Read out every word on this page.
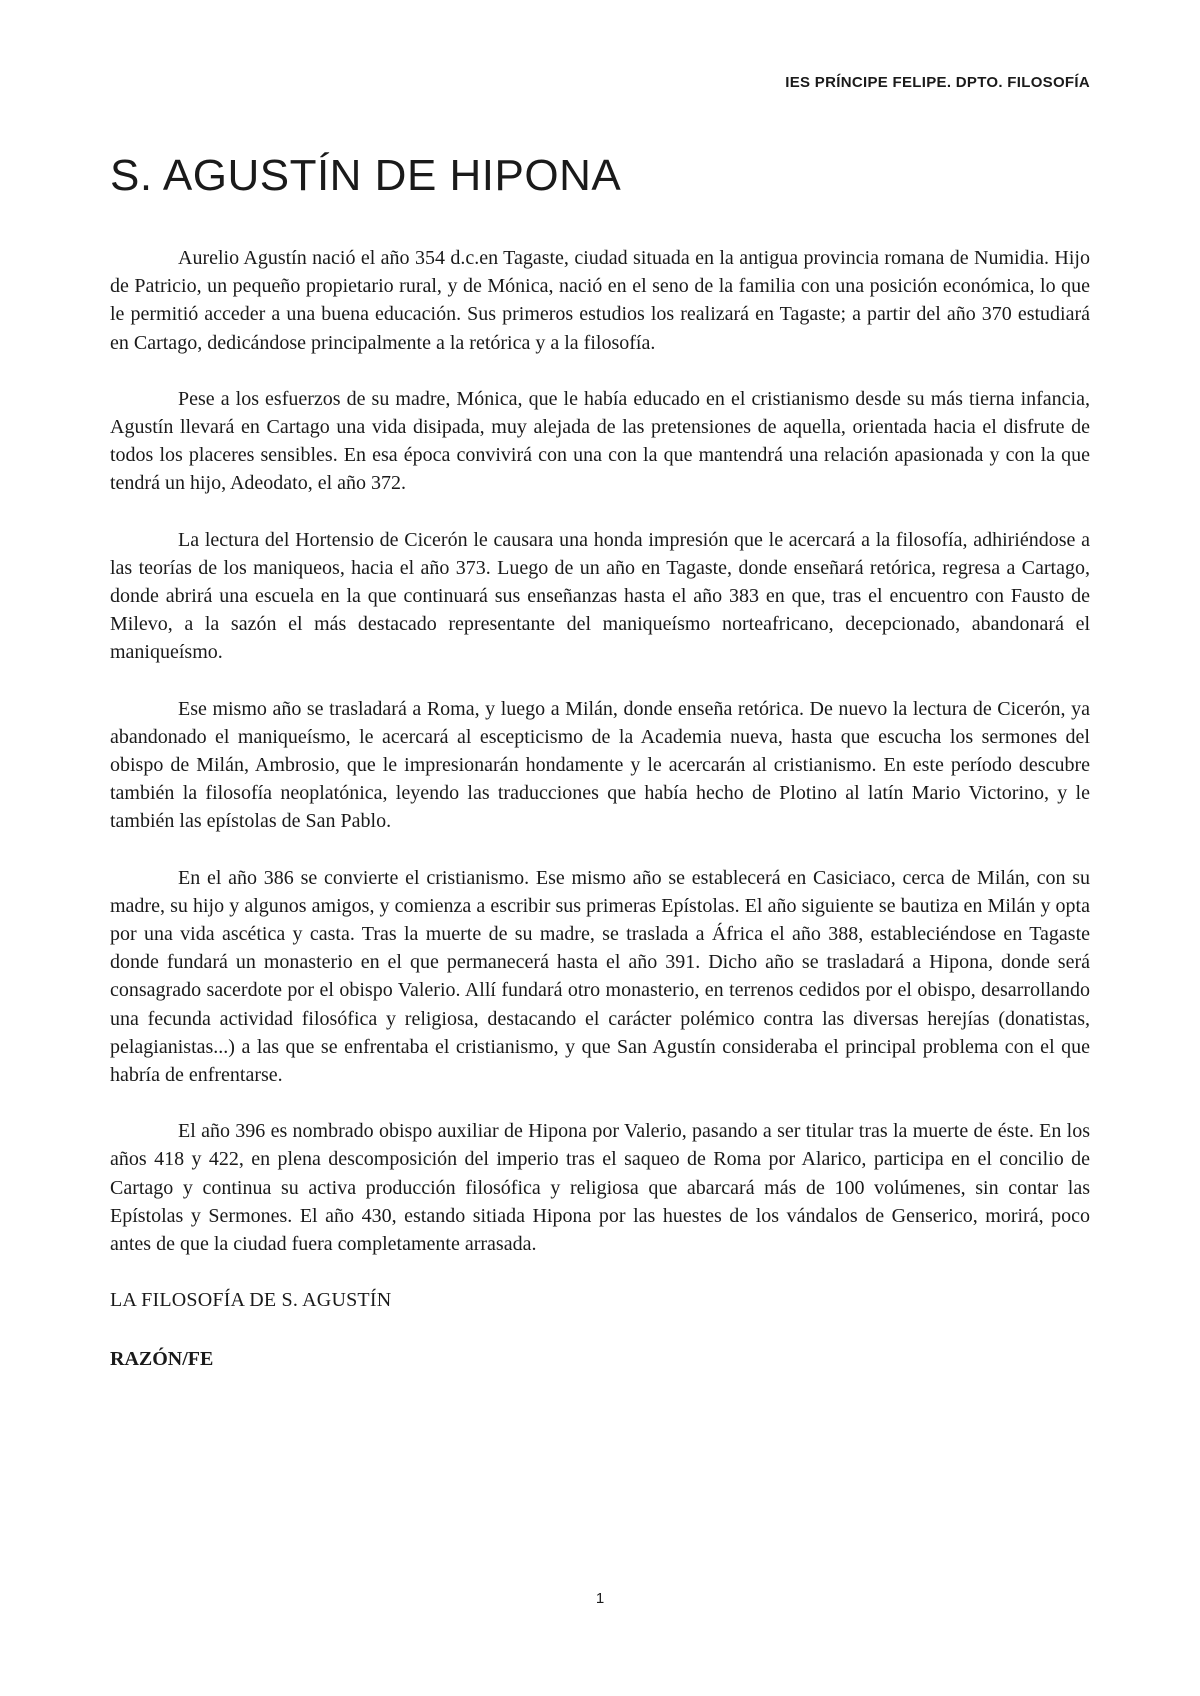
IES PRÍNCIPE FELIPE. DPTO. FILOSOFÍA
S. AGUSTÍN DE HIPONA

Aurelio Agustín nació el año 354 d.c.en Tagaste, ciudad situada en la antigua provincia romana de Numidia. Hijo de Patricio, un pequeño propietario rural, y de Mónica, nació en el seno de la familia con una posición económica, lo que le permitió acceder a una buena educación. Sus primeros estudios los realizará en Tagaste; a partir del año 370 estudiará en Cartago, dedicándose principalmente a la retórica y a la filosofía.

Pese a los esfuerzos de su madre, Mónica, que le había educado en el cristianismo desde su más tierna infancia, Agustín llevará en Cartago una vida disipada, muy alejada de las pretensiones de aquella, orientada hacia el disfrute de todos los placeres sensibles. En esa época convivirá con una con la que mantendrá una relación apasionada y con la que tendrá un hijo, Adeodato, el año 372.

La lectura del Hortensio de Cicerón le causara una honda impresión que le acercará a la filosofía, adhiriéndose a las teorías de los maniqueos, hacia el año 373. Luego de un año en Tagaste, donde enseñará retórica, regresa a Cartago, donde abrirá una escuela en la que continuará sus enseñanzas hasta el año 383 en que, tras el encuentro con Fausto de Milevo, a la sazón el más destacado representante del maniqueísmo norteafricano, decepcionado, abandonará el maniqueísmo.

Ese mismo año se trasladará a Roma, y luego a Milán, donde enseña retórica. De nuevo la lectura de Cicerón, ya abandonado el maniqueísmo, le acercará al escepticismo de la Academia nueva, hasta que escucha los sermones del obispo de Milán, Ambrosio, que le impresionarán hondamente y le acercarán al cristianismo. En este período descubre también la filosofía neoplatónica, leyendo las traducciones que había hecho de Plotino al latín Mario Victorino, y le también las epístolas de San Pablo.

En el año 386 se convierte el cristianismo. Ese mismo año se establecerá en Casiciaco, cerca de Milán, con su madre, su hijo y algunos amigos, y comienza a escribir sus primeras Epístolas. El año siguiente se bautiza en Milán y opta por una vida ascética y casta. Tras la muerte de su madre, se traslada a África el año 388, estableciéndose en Tagaste donde fundará un monasterio en el que permanecerá hasta el año 391. Dicho año se trasladará a Hipona, donde será consagrado sacerdote por el obispo Valerio. Allí fundará otro monasterio, en terrenos cedidos por el obispo, desarrollando una fecunda actividad filosófica y religiosa, destacando el carácter polémico contra las diversas herejías (donatistas, pelagianistas...) a las que se enfrentaba el cristianismo, y que San Agustín consideraba el principal problema con el que habría de enfrentarse.

El año 396 es nombrado obispo auxiliar de Hipona por Valerio, pasando a ser titular tras la muerte de éste. En los años 418 y 422, en plena descomposición del imperio tras el saqueo de Roma por Alarico, participa en el concilio de Cartago y continua su activa producción filosófica y religiosa que abarcará más de 100 volúmenes, sin contar las Epístolas y Sermones. El año 430, estando sitiada Hipona por las huestes de los vándalos de Genserico, morirá, poco antes de que la ciudad fuera completamente arrasada.

LA FILOSOFÍA DE S. AGUSTÍN

RAZÓN/FE

1
